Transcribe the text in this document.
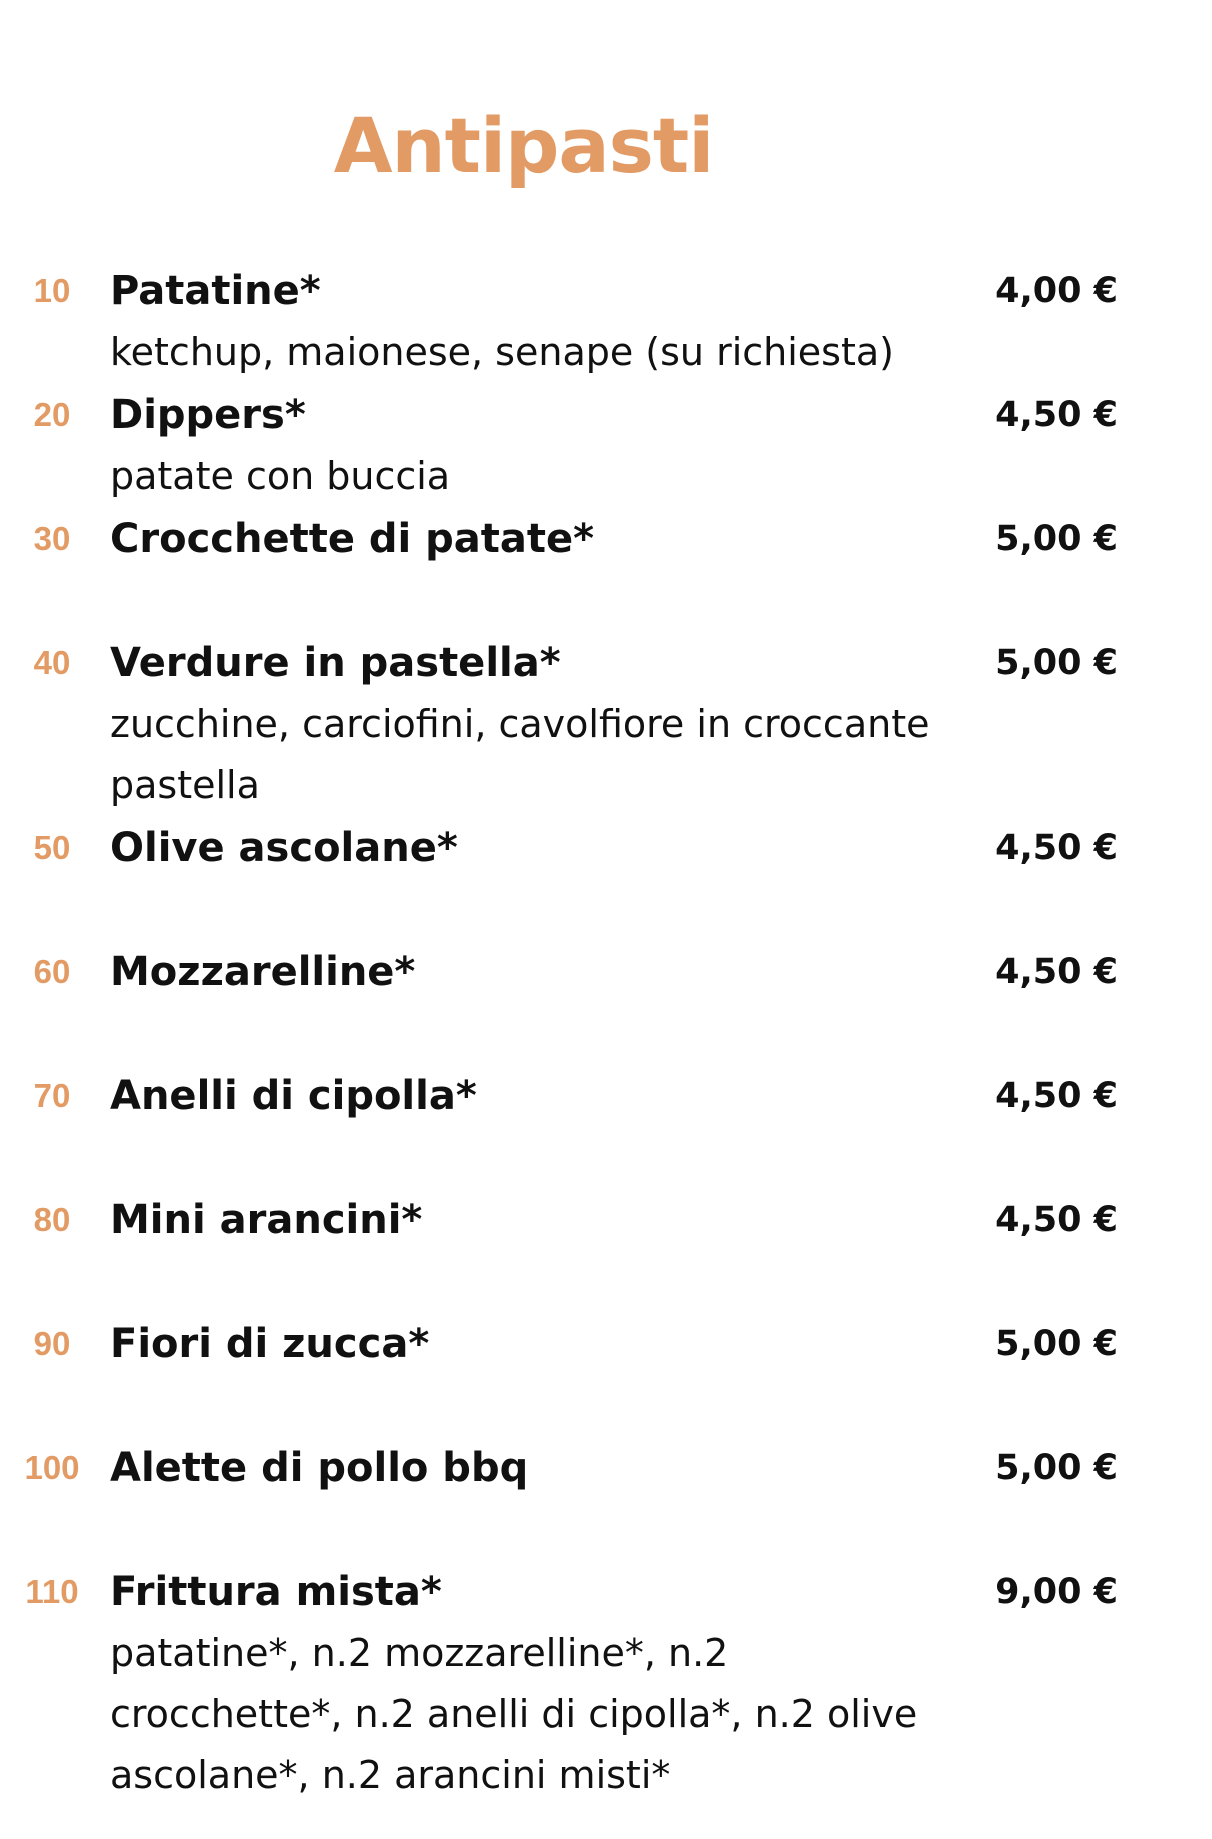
Antipasti
10 Patatine*	4,00 €
ketchup, maionese, senape (su richiesta)
20 Dippers*	4,50 €
patate con buccia
30 Crocchette di patate*	5,00 €
40 Verdure in pastella*	5,00 €
zucchine, carciofini, cavolfiore in croccante pastella
50 Olive ascolane*	4,50 €
60 Mozzarelline*	4,50 €
70 Anelli di cipolla*	4,50 €
80 Mini arancini*	4,50 €
90 Fiori di zucca*	5,00 €
100 Alette di pollo bbq	5,00 €
110 Frittura mista*	9,00 €
patatine*, n.2 mozzarelline*, n.2 crocchette*, n.2 anelli di cipolla*, n.2 olive ascolane*, n.2 arancini misti*
